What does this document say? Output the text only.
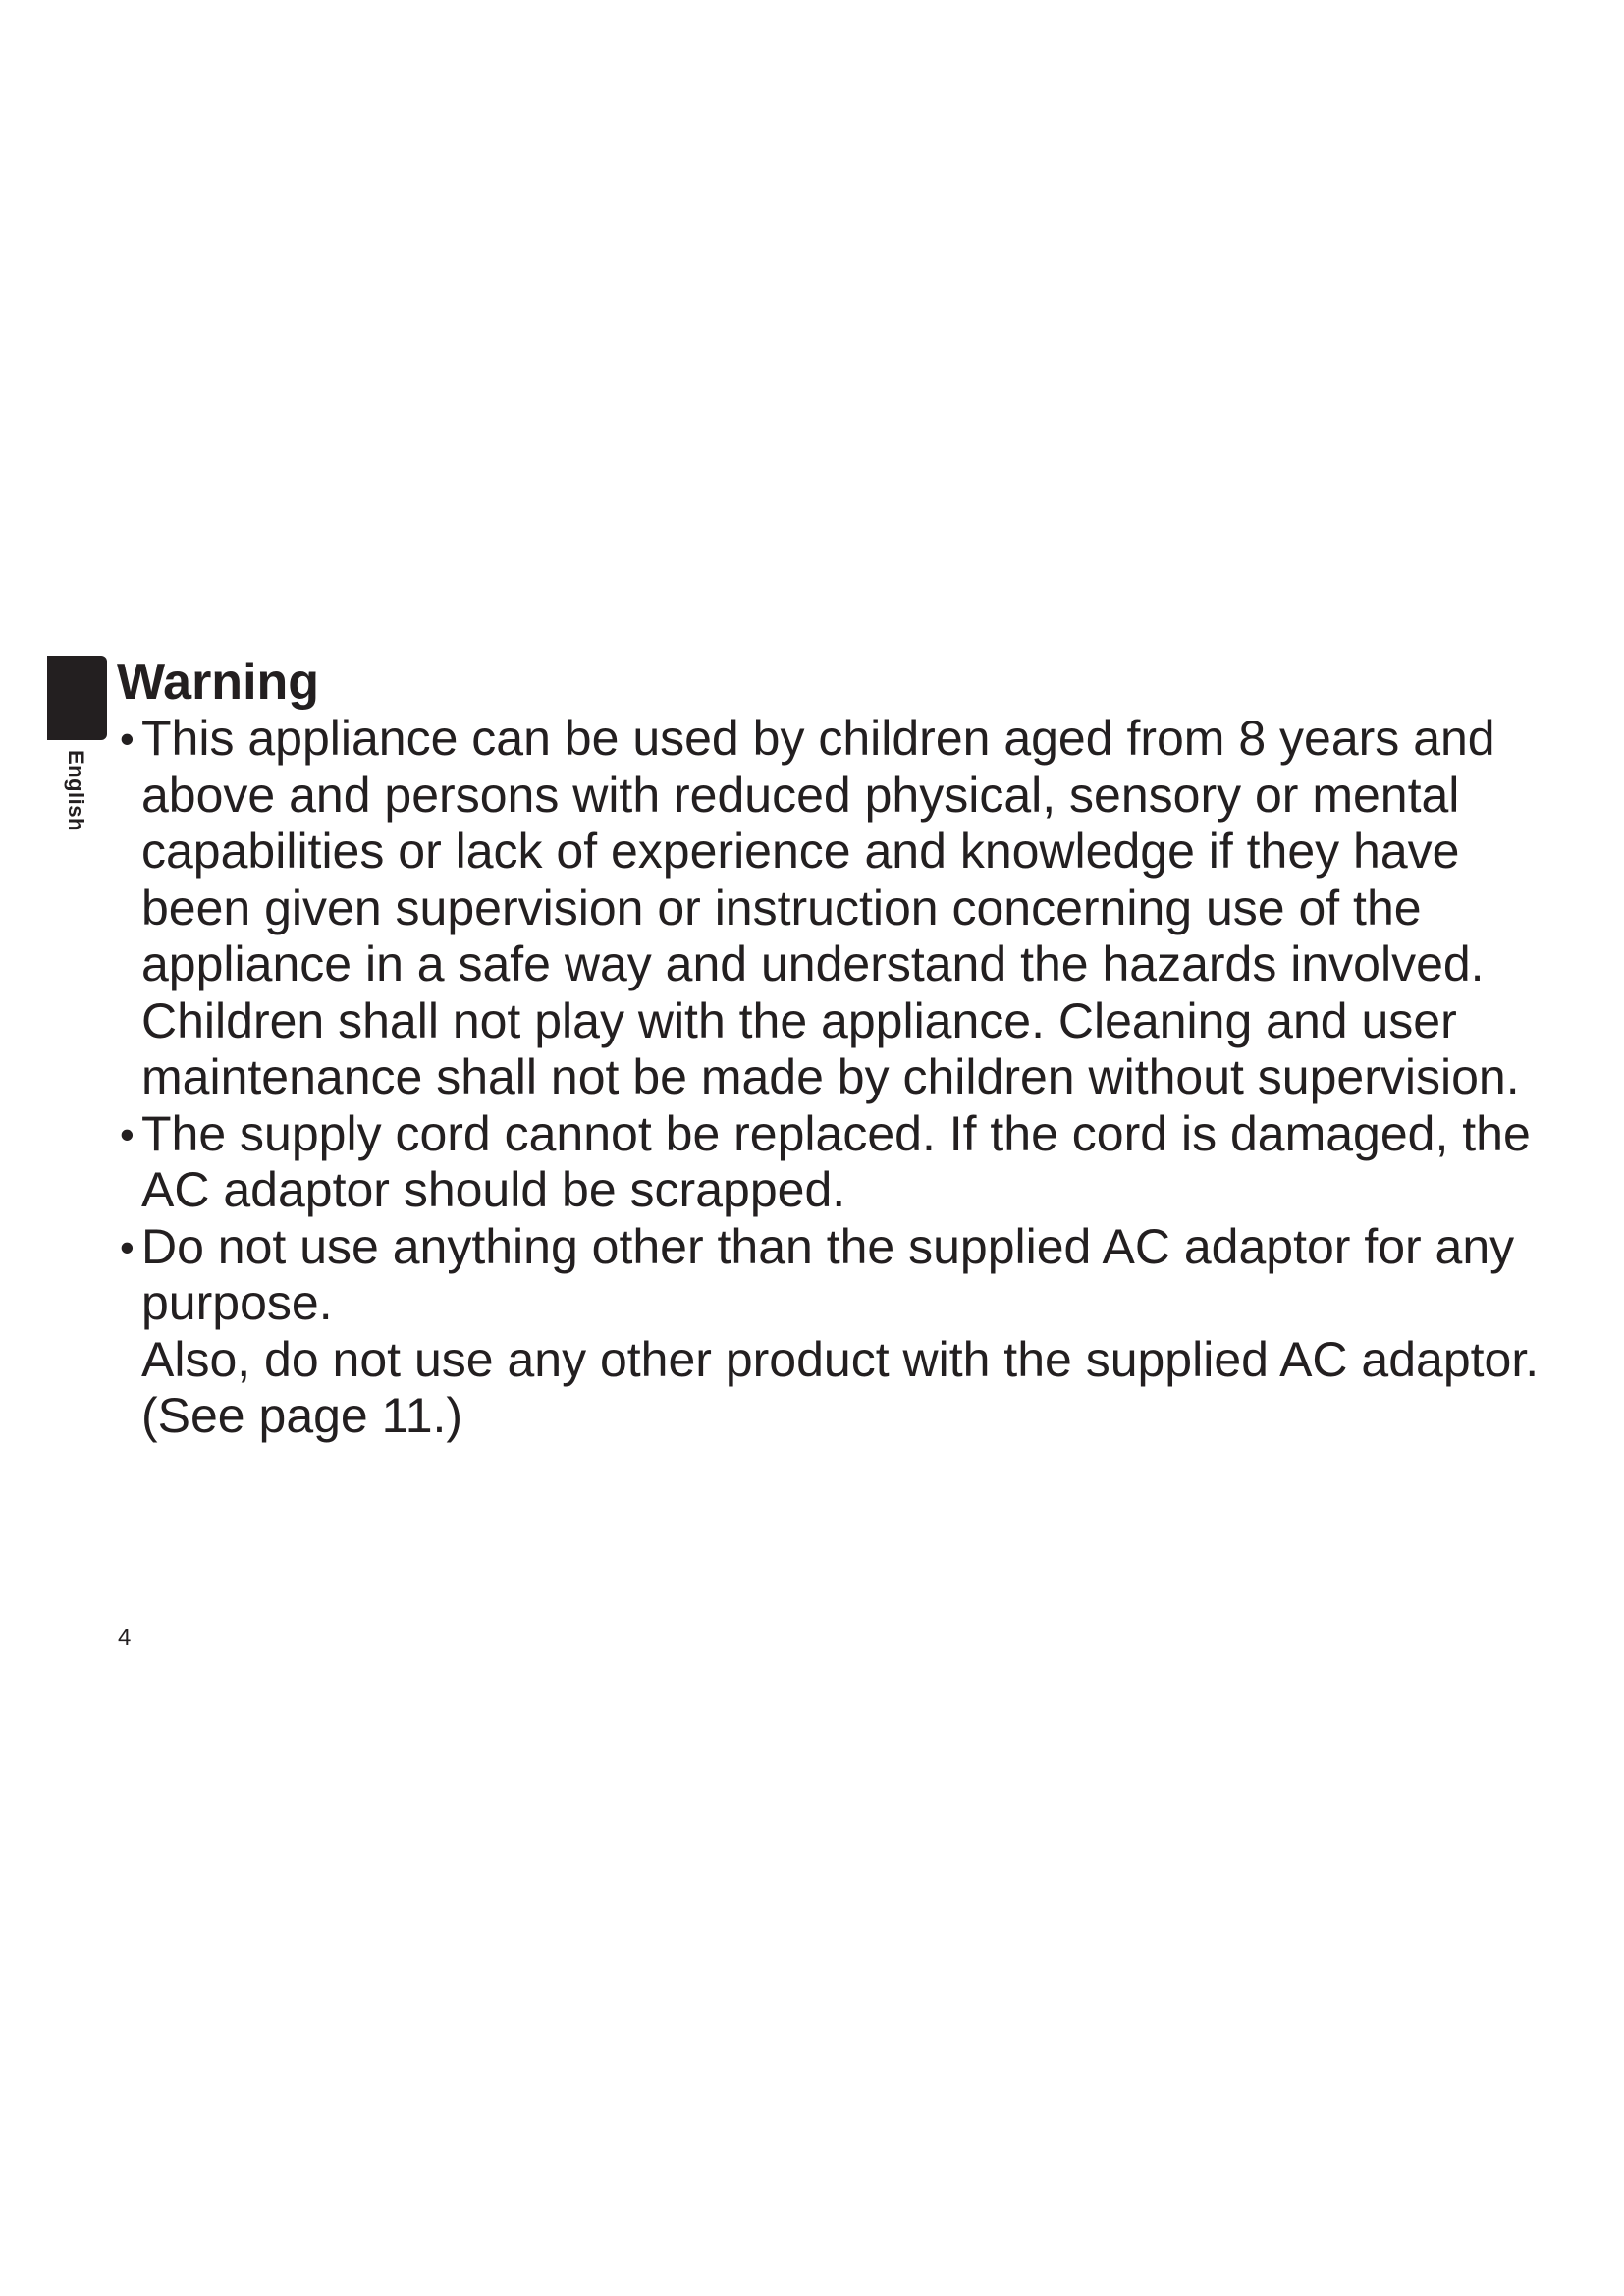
English
Warning
• This appliance can be used by children aged from 8 years and above and persons with reduced physical, sensory or mental capabilities or lack of experience and knowledge if they have been given supervision or instruction concerning use of the appliance in a safe way and understand the hazards involved. Children shall not play with the appliance. Cleaning and user maintenance shall not be made by children without supervision.
• The supply cord cannot be replaced. If the cord is damaged, the AC adaptor should be scrapped.
• Do not use anything other than the supplied AC adaptor for any purpose.
Also, do not use any other product with the supplied AC adaptor. (See page 11.)
4
